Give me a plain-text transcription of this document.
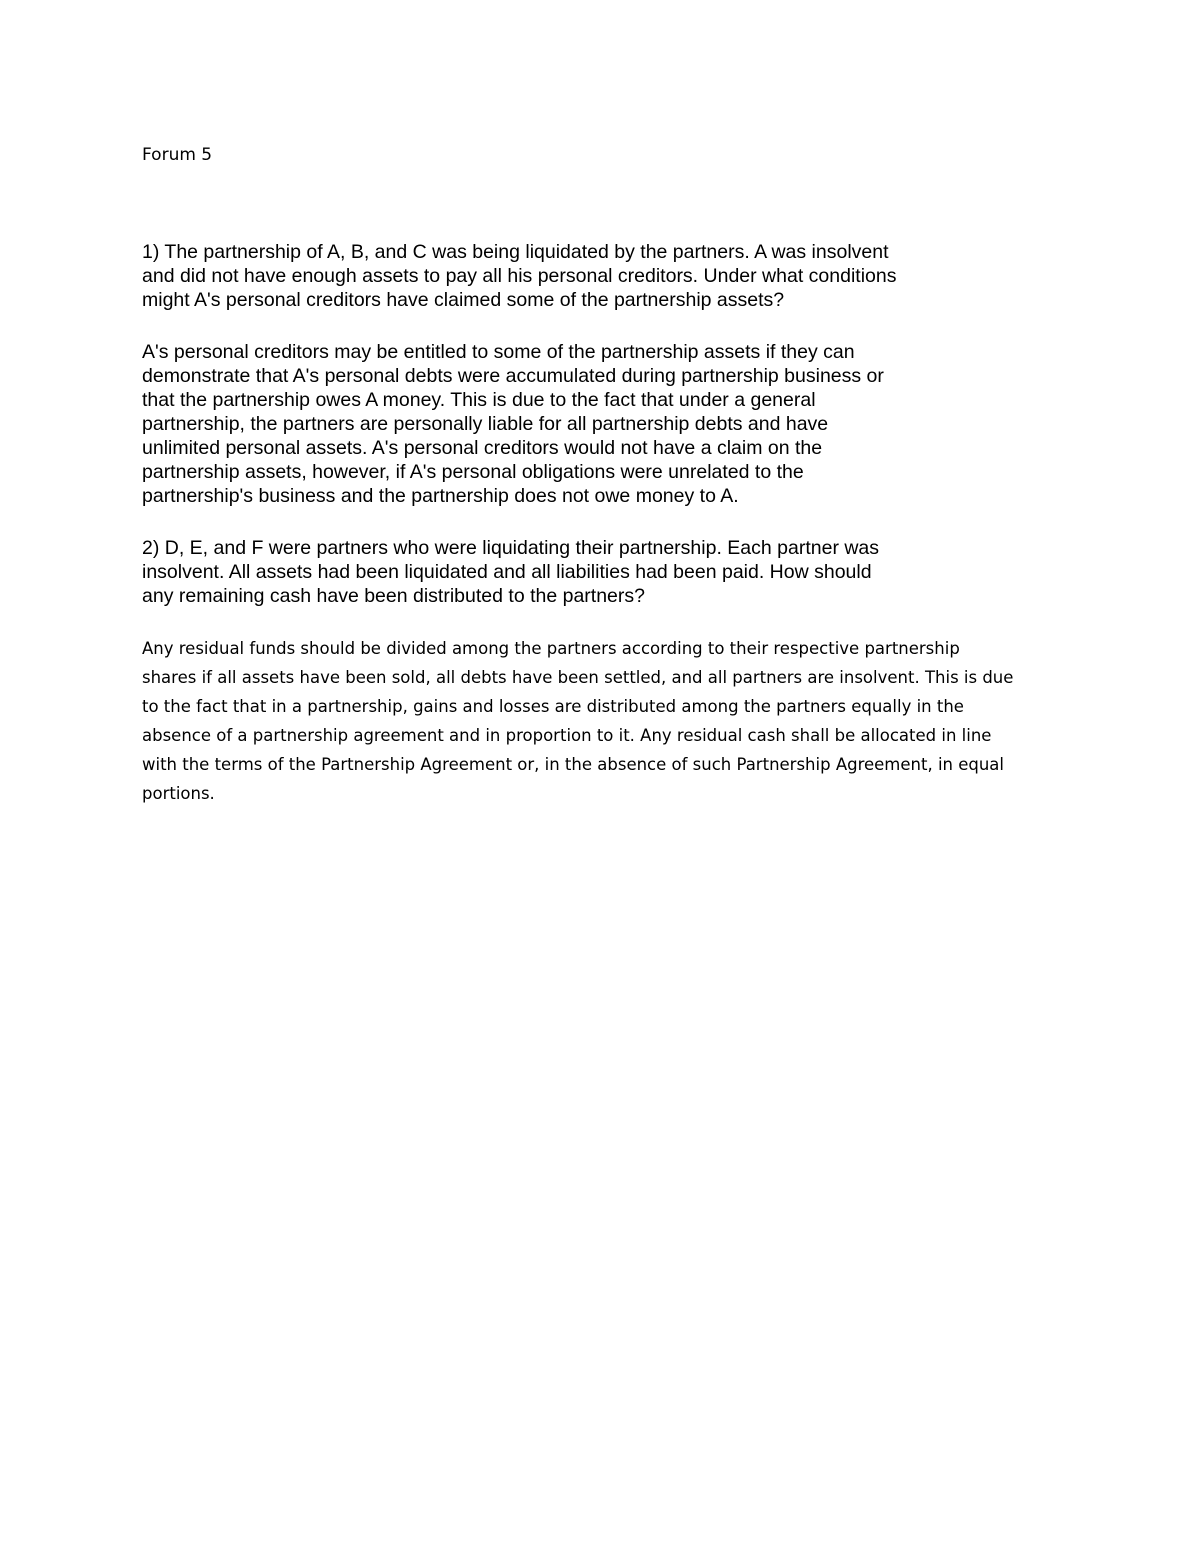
Forum 5
1) The partnership of A, B, and C was being liquidated by the partners. A was insolvent
and did not have enough assets to pay all his personal creditors. Under what conditions
might A's personal creditors have claimed some of the partnership assets?
A's personal creditors may be entitled to some of the partnership assets if they can
demonstrate that A's personal debts were accumulated during partnership business or
that the partnership owes A money. This is due to the fact that under a general
partnership, the partners are personally liable for all partnership debts and have
unlimited personal assets. A's personal creditors would not have a claim on the
partnership assets, however, if A's personal obligations were unrelated to the
partnership's business and the partnership does not owe money to A.
2) D, E, and F were partners who were liquidating their partnership. Each partner was
insolvent. All assets had been liquidated and all liabilities had been paid. How should
any remaining cash have been distributed to the partners?
Any residual funds should be divided among the partners according to their respective partnership
shares if all assets have been sold, all debts have been settled, and all partners are insolvent. This is due
to the fact that in a partnership, gains and losses are distributed among the partners equally in the
absence of a partnership agreement and in proportion to it. Any residual cash shall be allocated in line
with the terms of the Partnership Agreement or, in the absence of such Partnership Agreement, in equal
portions.
